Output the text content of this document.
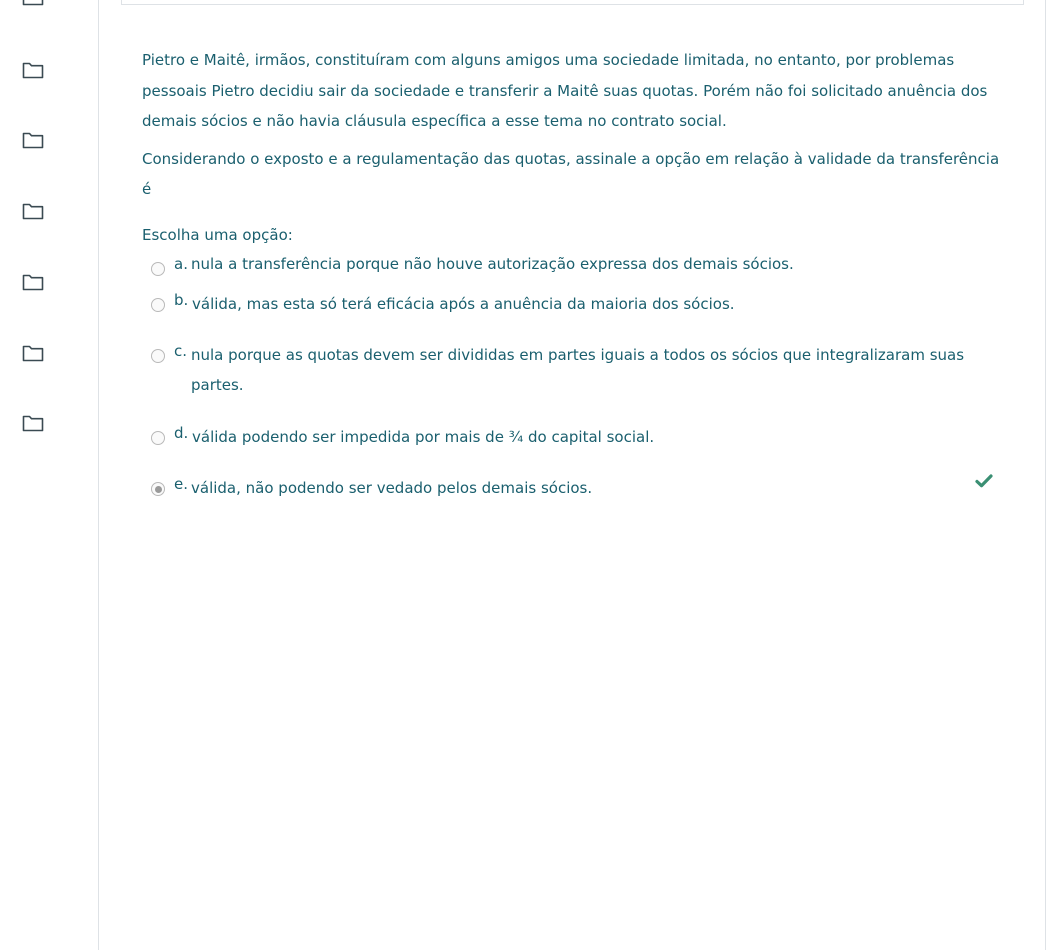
Pietro e Maitê, irmãos, constituíram com alguns amigos uma sociedade limitada, no entanto, por problemas pessoais Pietro decidiu sair da sociedade e transferir a Maitê suas quotas. Porém não foi solicitado anuência dos demais sócios e não havia cláusula específica a esse tema no contrato social.

Considerando o exposto e a regulamentação das quotas, assinale a opção em relação à validade da transferência é

Escolha uma opção:
a. nula a transferência porque não houve autorização expressa dos demais sócios.
b. válida, mas esta só terá eficácia após a anuência da maioria dos sócios.
c. nula porque as quotas devem ser divididas em partes iguais a todos os sócios que integralizaram suas partes.
d. válida podendo ser impedida por mais de ¾ do capital social.
e. válida, não podendo ser vedado pelos demais sócios.
